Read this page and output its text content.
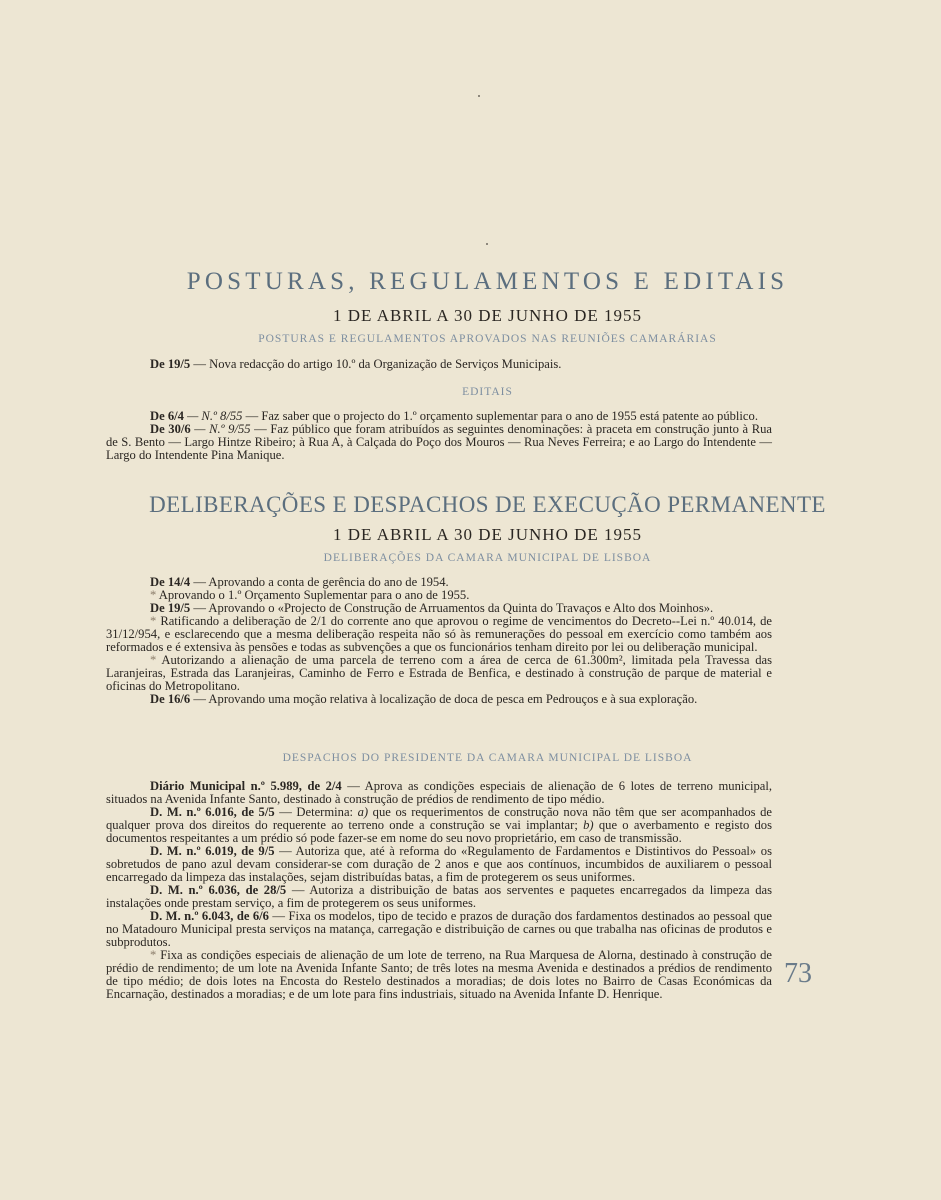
POSTURAS, REGULAMENTOS E EDITAIS
1 DE ABRIL A 30 DE JUNHO DE 1955
POSTURAS E REGULAMENTOS APROVADOS NAS REUNIÕES CAMARÁRIAS

De 19/5 — Nova redacção do artigo 10.º da Organização de Serviços Municipais.

EDITAIS

De 6/4 — N.º 8/55 — Faz saber que o projecto do 1.º orçamento suplementar para o ano de 1955 está patente ao público.

De 30/6 — N.º 9/55 — Faz público que foram atribuídos as seguintes denominações: à praceta em construção junto à Rua de S. Bento — Largo Hintze Ribeiro; à Rua A, à Calçada do Poço dos Mouros — Rua Neves Ferreira; e ao Largo do Intendente — Largo do Intendente Pina Manique.

DELIBERAÇÕES E DESPACHOS DE EXECUÇÃO PERMANENTE
1 DE ABRIL A 30 DE JUNHO DE 1955
DELIBERAÇÕES DA CAMARA MUNICIPAL DE LISBOA

De 14/4 — Aprovando a conta de gerência do ano de 1954.

* Aprovando o 1.º Orçamento Suplementar para o ano de 1955.

De 19/5 — Aprovando o «Projecto de Construção de Arruamentos da Quinta do Travaços e Alto dos Moinhos».

* Ratificando a deliberação de 2/1 do corrente ano que aprovou o regime de vencimentos do Decreto--Lei n.º 40.014, de 31/12/954, e esclarecendo que a mesma deliberação respeita não só às remunerações do pessoal em exercício como também aos reformados e é extensiva às pensões e todas as subvenções a que os funcionários tenham direito por lei ou deliberação municipal.

* Autorizando a alienação de uma parcela de terreno com a área de cerca de 61.300m², limitada pela Travessa das Laranjeiras, Estrada das Laranjeiras, Caminho de Ferro e Estrada de Benfica, e destinado à construção de parque de material e oficinas do Metropolitano.

De 16/6 — Aprovando uma moção relativa à localização de doca de pesca em Pedrouços e à sua exploração.

DESPACHOS DO PRESIDENTE DA CAMARA MUNICIPAL DE LISBOA

Diário Municipal n.º 5.989, de 2/4 — Aprova as condições especiais de alienação de 6 lotes de terreno municipal, situados na Avenida Infante Santo, destinado à construção de prédios de rendimento de tipo médio.

D. M. n.º 6.016, de 5/5 — Determina: a) que os requerimentos de construção nova não têm que ser acompanhados de qualquer prova dos direitos do requerente ao terreno onde a construção se vai implantar; b) que o averbamento e registo dos documentos respeitantes a um prédio só pode fazer-se em nome do seu novo proprietário, em caso de transmissão.

D. M. n.º 6.019, de 9/5 — Autoriza que, até à reforma do «Regulamento de Fardamentos e Distintivos do Pessoal» os sobretudos de pano azul devam considerar-se com duração de 2 anos e que aos contínuos, incumbidos de auxiliarem o pessoal encarregado da limpeza das instalações, sejam distribuídas batas, a fim de protegerem os seus uniformes.

D. M. n.º 6.036, de 28/5 — Autoriza a distribuição de batas aos serventes e paquetes encarregados da limpeza das instalações onde prestam serviço, a fim de protegerem os seus uniformes.

D. M. n.º 6.043, de 6/6 — Fixa os modelos, tipo de tecido e prazos de duração dos fardamentos destinados ao pessoal que no Matadouro Municipal presta serviços na matança, carregação e distribuição de carnes ou que trabalha nas oficinas de produtos e subprodutos.

* Fixa as condições especiais de alienação de um lote de terreno, na Rua Marquesa de Alorna, destinado à construção de prédio de rendimento; de um lote na Avenida Infante Santo; de três lotes na mesma Avenida e destinados a prédios de rendimento de tipo médio; de dois lotes na Encosta do Restelo destinados a moradias; de dois lotes no Bairro de Casas Económicas da Encarnação, destinados a moradias; e de um lote para fins industriais, situado na Avenida Infante D. Henrique.

73
